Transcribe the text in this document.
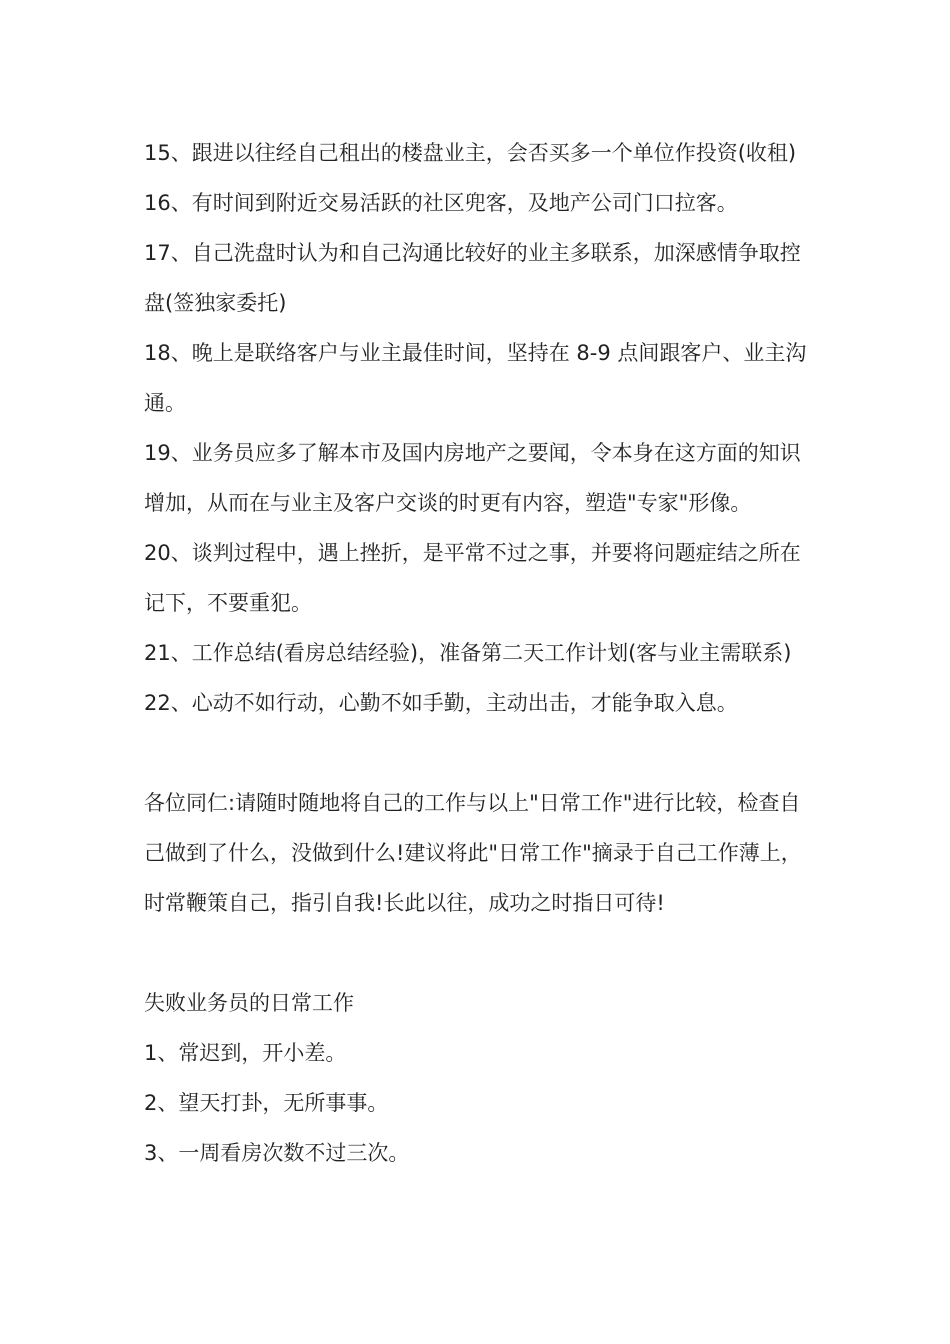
15、跟进以往经自己租出的楼盘业主，会否买多一个单位作投资(收租)

16、有时间到附近交易活跃的社区兜客，及地产公司门口拉客。

17、自己洗盘时认为和自己沟通比较好的业主多联系，加深感情争取控盘(签独家委托)

18、晚上是联络客户与业主最佳时间，坚持在 8-9 点间跟客户、业主沟通。

19、业务员应多了解本市及国内房地产之要闻，令本身在这方面的知识增加，从而在与业主及客户交谈的时更有内容，塑造"专家"形像。

20、谈判过程中，遇上挫折，是平常不过之事，并要将问题症结之所在记下，不要重犯。

21、工作总结(看房总结经验)，准备第二天工作计划(客与业主需联系)

22、心动不如行动，心勤不如手勤，主动出击，才能争取入息。

各位同仁:请随时随地将自己的工作与以上"日常工作"进行比较，检查自己做到了什么，没做到什么!建议将此"日常工作"摘录于自己工作薄上，时常鞭策自己，指引自我!长此以往，成功之时指日可待!

失败业务员的日常工作

1、常迟到，开小差。

2、望天打卦，无所事事。

3、一周看房次数不过三次。
